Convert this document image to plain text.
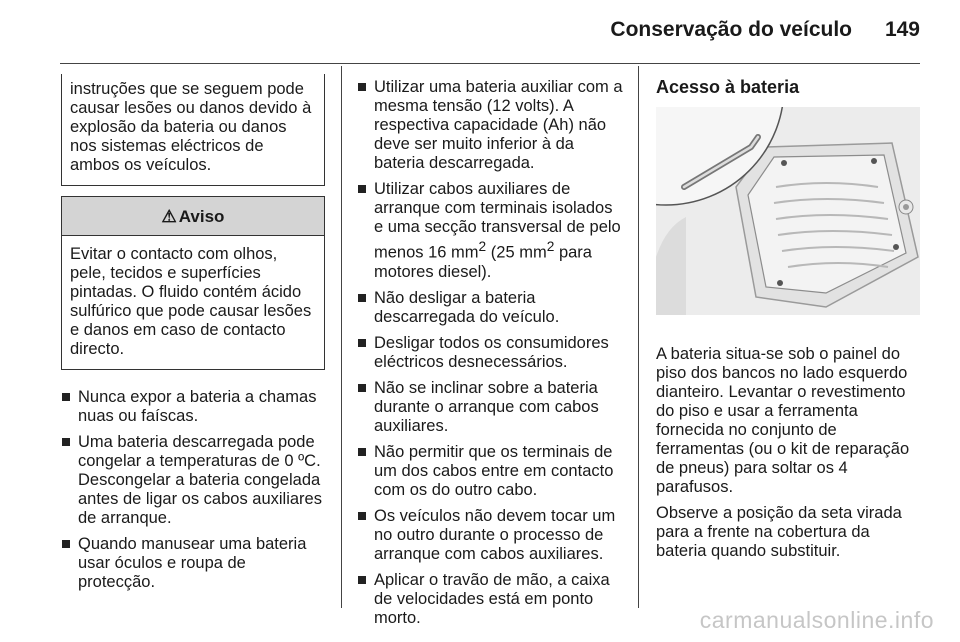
Conservação do veículo 149
instruções que se seguem pode causar lesões ou danos devido à explosão da bateria ou danos nos sistemas eléctricos de ambos os veículos.
⚠ Aviso
Evitar o contacto com olhos, pele, tecidos e superfícies pintadas. O fluido contém ácido sulfúrico que pode causar lesões e danos em caso de contacto directo.
Nunca expor a bateria a chamas nuas ou faíscas.
Uma bateria descarregada pode congelar a temperaturas de 0 ºC. Descongelar a bateria congelada antes de ligar os cabos auxiliares de arranque.
Quando manusear uma bateria usar óculos e roupa de protecção.
Utilizar uma bateria auxiliar com a mesma tensão (12 volts). A respectiva capacidade (Ah) não deve ser muito inferior à da bateria descarregada.
Utilizar cabos auxiliares de arranque com terminais isolados e uma secção transversal de pelo menos 16 $mm^2$ (25 $mm^2$ para motores diesel).
Não desligar a bateria descarregada do veículo.
Desligar todos os consumidores eléctricos desnecessários.
Não se inclinar sobre a bateria durante o arranque com cabos auxiliares.
Não permitir que os terminais de um dos cabos entre em contacto com os do outro cabo.
Os veículos não devem tocar um no outro durante o processo de arranque com cabos auxiliares.
Aplicar o travão de mão, a caixa de velocidades está em ponto morto.
Acesso à bateria

A bateria situa-se sob o painel do piso dos bancos no lado esquerdo dianteiro. Levantar o revestimento do piso e usar a ferramenta fornecida no conjunto de ferramentas (ou o kit de reparação de pneus) para soltar os 4 parafusos.

Observe a posição da seta virada para a frente na cobertura da bateria quando substituir.

carmanualsonline.info
